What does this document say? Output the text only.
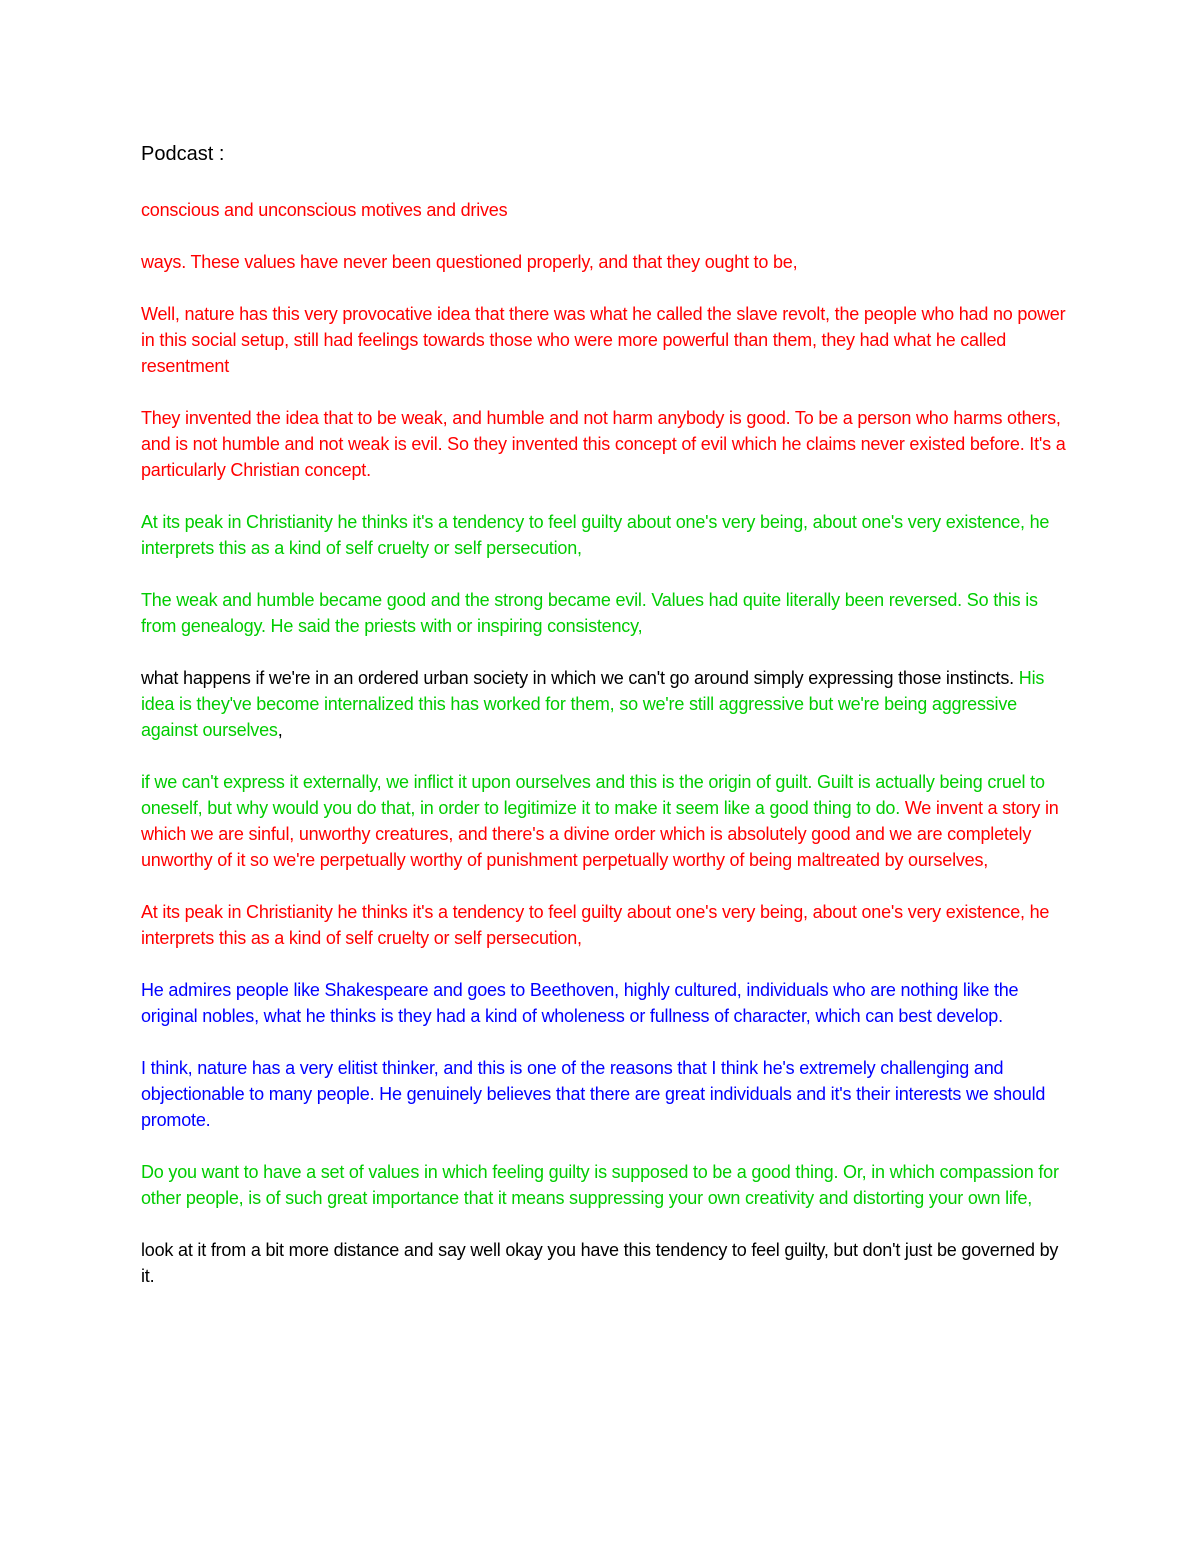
Podcast :

conscious and unconscious motives and drives

ways. These values have never been questioned properly, and that they ought to be,

Well, nature has this very provocative idea that there was what he called the slave revolt, the people who had no power in this social setup, still had feelings towards those who were more powerful than them, they had what he called resentment

They invented the idea that to be weak, and humble and not harm anybody is good. To be a person who harms others, and is not humble and not weak is evil. So they invented this concept of evil which he claims never existed before. It's a particularly Christian concept.

At its peak in Christianity he thinks it's a tendency to feel guilty about one's very being, about one's very existence, he interprets this as a kind of self cruelty or self persecution,

The weak and humble became good and the strong became evil. Values had quite literally been reversed. So this is from genealogy. He said the priests with or inspiring consistency,

what happens if we're in an ordered urban society in which we can't go around simply expressing those instincts. His idea is they've become internalized this has worked for them, so we're still aggressive but we're being aggressive against ourselves,

if we can't express it externally, we inflict it upon ourselves and this is the origin of guilt. Guilt is actually being cruel to oneself, but why would you do that, in order to legitimize it to make it seem like a good thing to do. We invent a story in which we are sinful, unworthy creatures, and there's a divine order which is absolutely good and we are completely unworthy of it so we're perpetually worthy of punishment perpetually worthy of being maltreated by ourselves,

At its peak in Christianity he thinks it's a tendency to feel guilty about one's very being, about one's very existence, he interprets this as a kind of self cruelty or self persecution,

He admires people like Shakespeare and goes to Beethoven, highly cultured, individuals who are nothing like the original nobles, what he thinks is they had a kind of wholeness or fullness of character, which can best develop.

I think, nature has a very elitist thinker, and this is one of the reasons that I think he's extremely challenging and objectionable to many people. He genuinely believes that there are great individuals and it's their interests we should promote.

Do you want to have a set of values in which feeling guilty is supposed to be a good thing. Or, in which compassion for other people, is of such great importance that it means suppressing your own creativity and distorting your own life,

look at it from a bit more distance and say well okay you have this tendency to feel guilty, but don't just be governed by it.
